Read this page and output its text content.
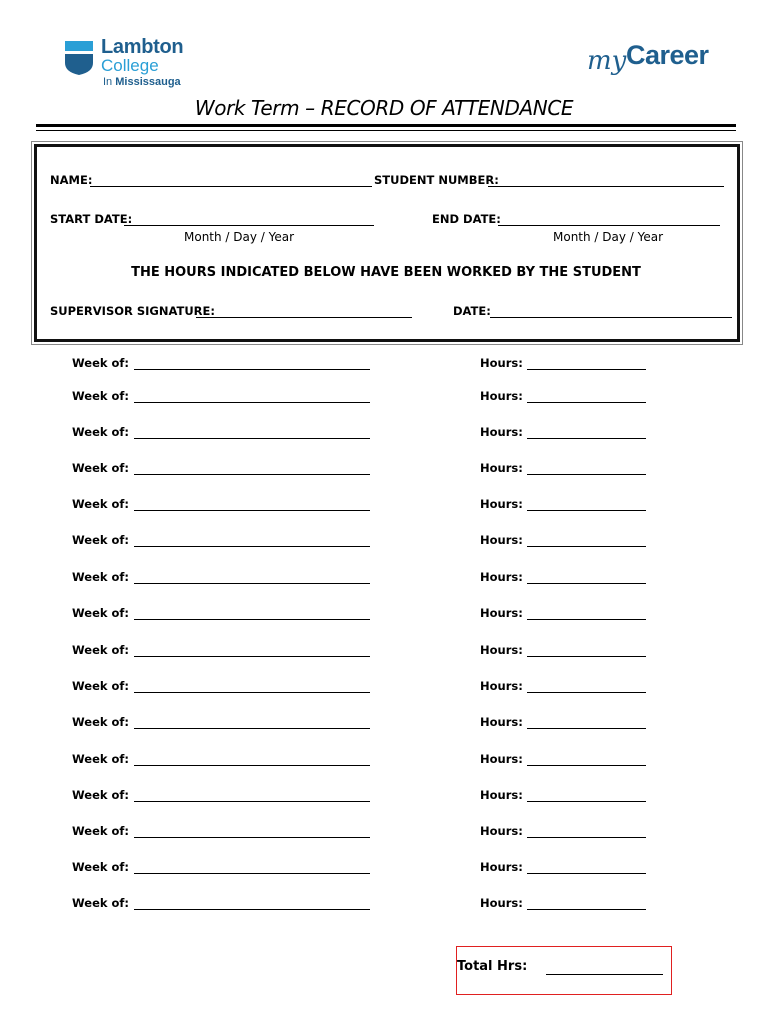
Lambton
College
In Mississauga
my Career
Work Term – RECORD OF ATTENDANCE
NAME:	STUDENT NUMBER:
START DATE:
Month / Day / Year
END DATE:
Month / Day / Year
THE HOURS INDICATED BELOW HAVE BEEN WORKED BY THE STUDENT
SUPERVISOR SIGNATURE:	DATE:
Week of:	Hours:
Week of:	Hours:
Week of:	Hours:
Week of:	Hours:
Week of:	Hours:
Week of:	Hours:
Week of:	Hours:
Week of:	Hours:
Week of:	Hours:
Week of:	Hours:
Week of:	Hours:
Week of:	Hours:
Week of:	Hours:
Week of:	Hours:
Week of:	Hours:
Week of:	Hours:
Total Hrs:
